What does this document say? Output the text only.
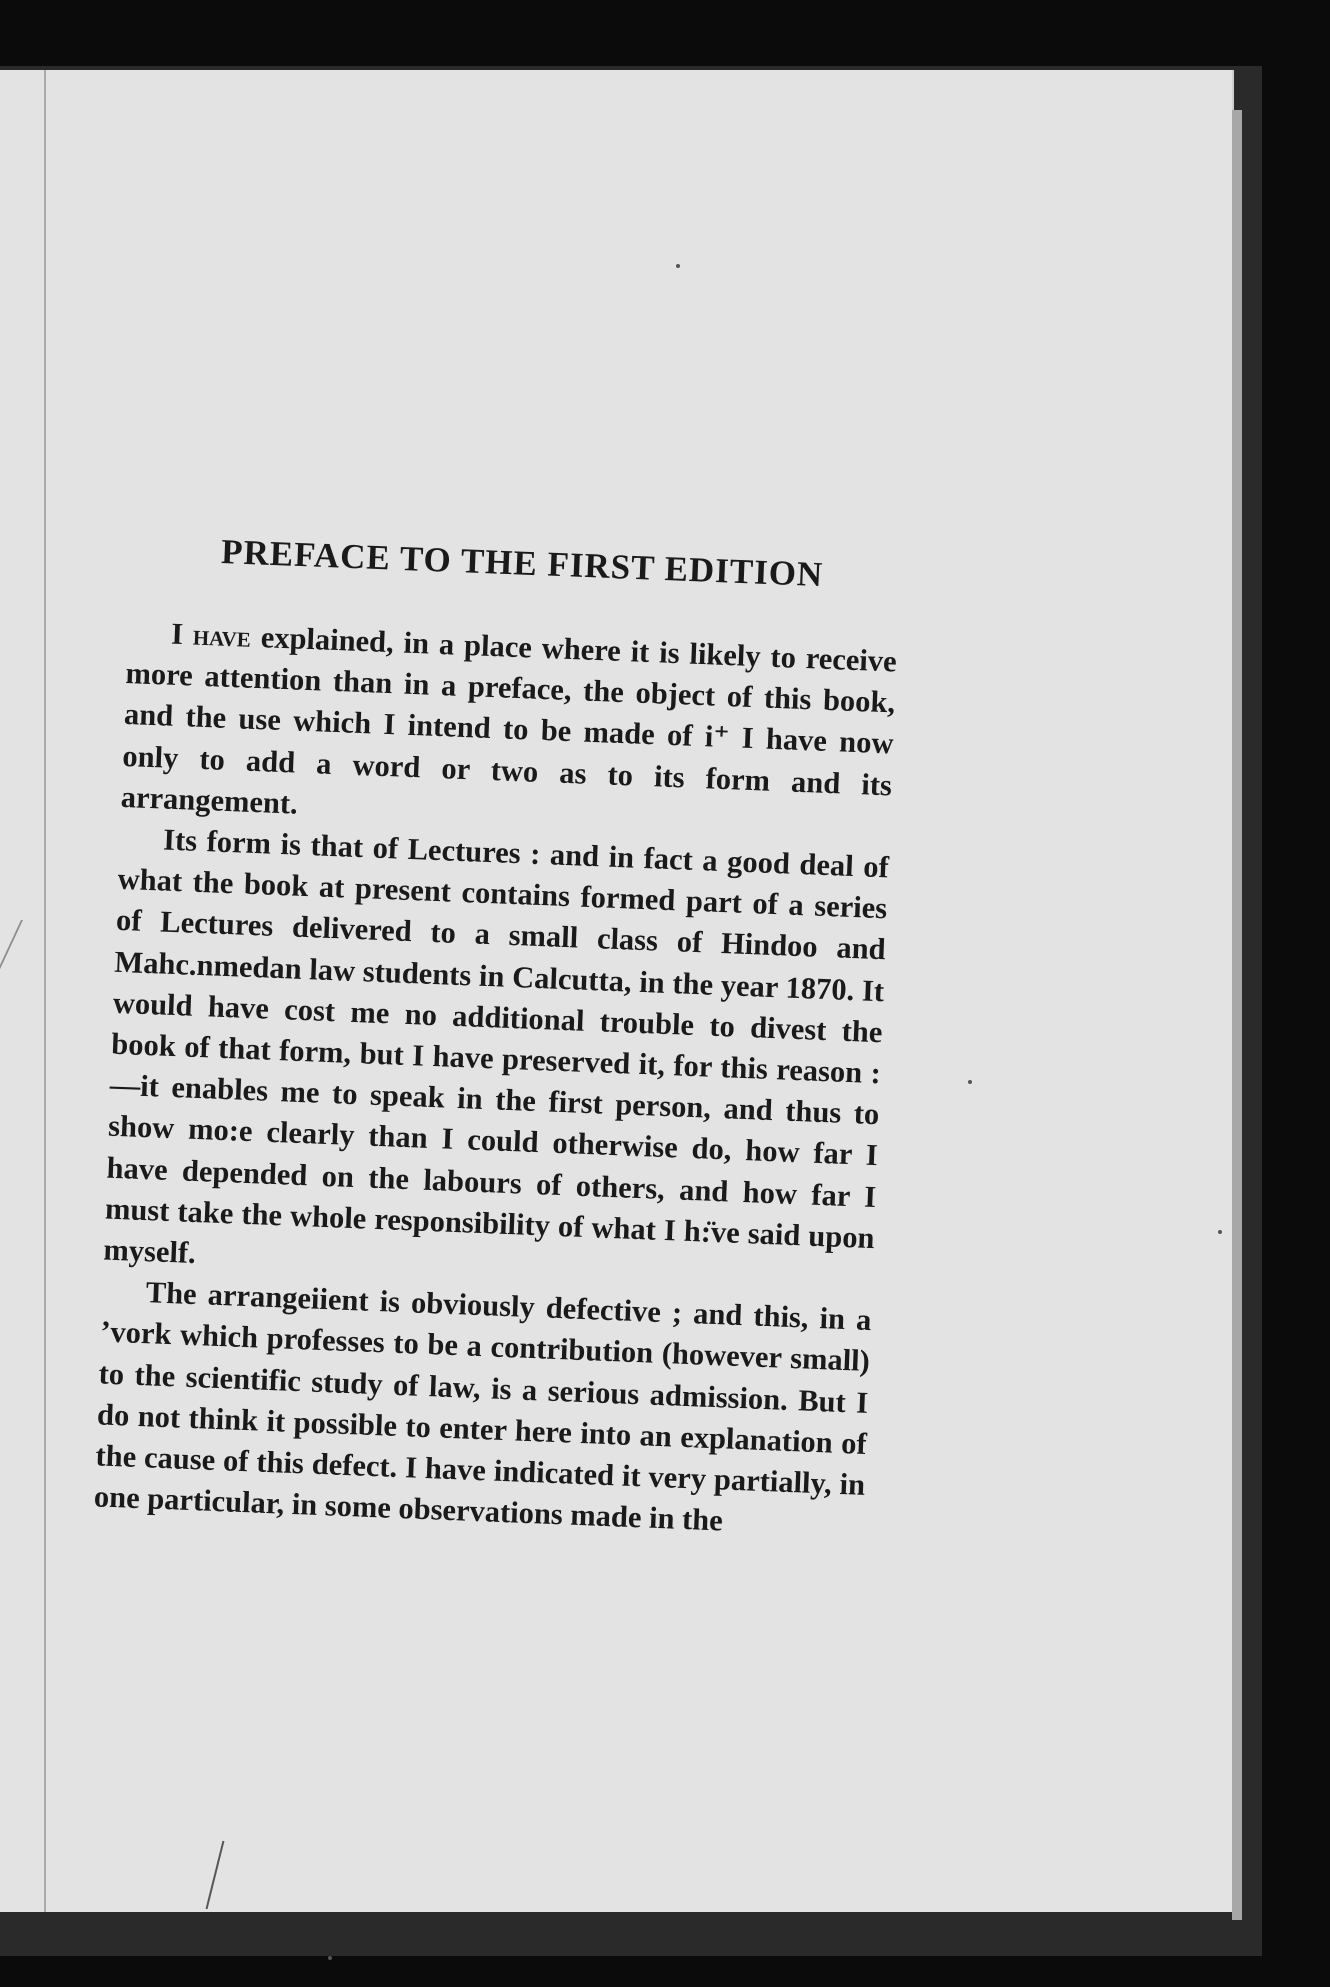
PREFACE TO THE FIRST EDITION

I have explained, in a place where it is likely to receive more attention than in a preface, the object of this book, and the use which I intend to be made of i⁺ I have now only to add a word or two as to its form and its arrangement.

Its form is that of Lectures : and in fact a good deal of what the book at present contains formed part of a series of Lectures delivered to a small class of Hindoo and Mahc.nmedan law students in Calcutta, in the year 1870. It would have cost me no additional trouble to divest the book of that form, but I have preserved it, for this reason :—it enables me to speak in the first person, and thus to show mo:e clearly than I could otherwise do, how far I have depended on the labours of others, and how far I must take the whole responsibility of what I h:̈ve said upon myself.

The arrangeiient is obviously defective ; and this, in a ʼvork which professes to be a contribution (however small) to the scientific study of law, is a serious admission. But I do not think it possible to enter here into an explanation of the cause of this defect. I have indicated it very partially, in one particular, in some observations made in the
